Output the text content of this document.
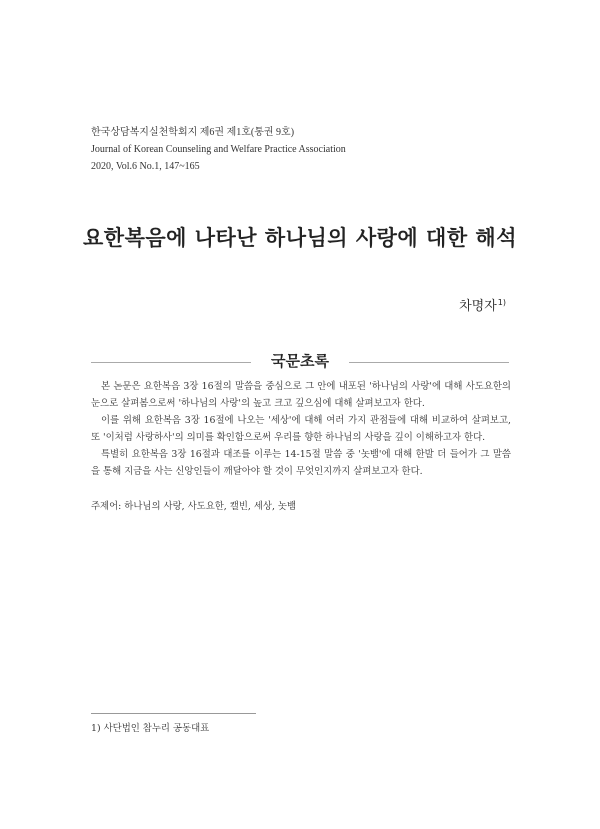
한국상담복지실천학회지 제6권 제1호(통권 9호)
Journal of Korean Counseling and Welfare Practice Association
2020, Vol.6 No.1, 147~165
요한복음에 나타난 하나님의 사랑에 대한 해석
차명자$^{1)}$
국문초록

본 논문은 요한복음 3장 16절의 말씀을 중심으로 그 안에 내포된 '하나님의 사랑'에 대해 사도요한의 눈으로 살펴봄으로써 '하나님의 사랑'의 높고 크고 깊으심에 대해 살펴보고자 한다.

이를 위해 요한복음 3장 16절에 나오는 '세상'에 대해 여러 가지 관점들에 대해 비교하여 살펴보고, 또 '이처럼 사랑하사'의 의미를 확인함으로써 우리를 향한 하나님의 사랑을 깊이 이해하고자 한다.

특별히 요한복음 3장 16절과 대조를 이루는 14-15절 말씀 중 '놋뱀'에 대해 한발 더 들어가 그 말씀을 통해 지금을 사는 신앙인들이 깨달아야 할 것이 무엇인지까지 살펴보고자 한다.

주제어: 하나님의 사랑, 사도요한, 캘빈, 세상, 놋뱀
1) 사단법인 참누리 공동대표
